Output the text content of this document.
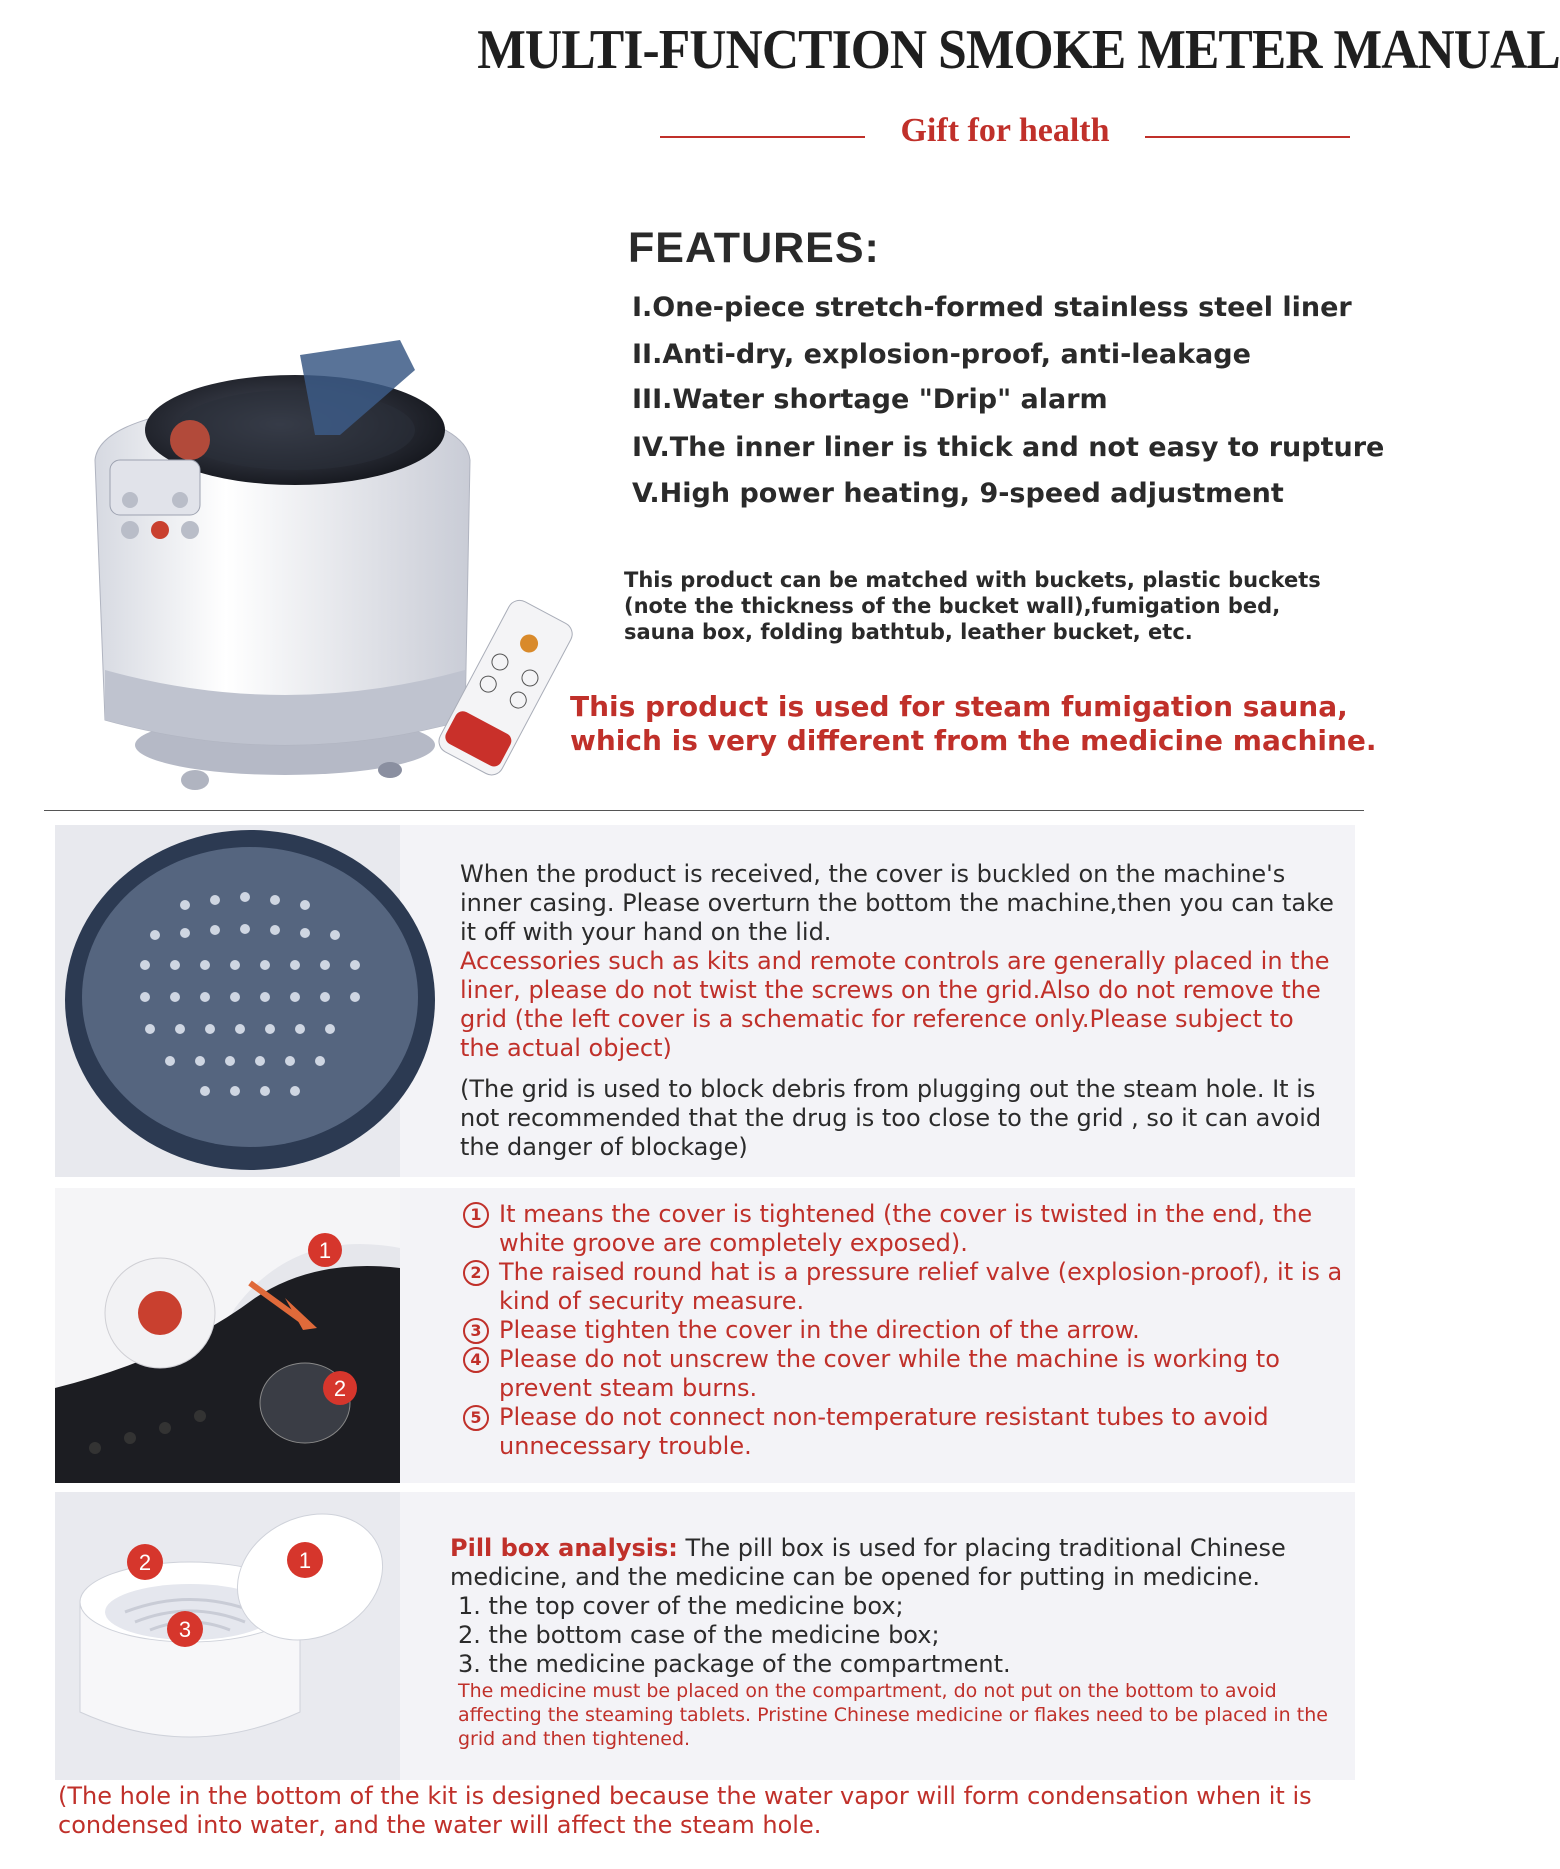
MULTI-FUNCTION SMOKE METER MANUAL
Gift for health
FEATURES:
I.One-piece stretch-formed stainless steel liner
II.Anti-dry, explosion-proof, anti-leakage
III.Water shortage "Drip" alarm
IV.The inner liner is thick and not easy to rupture
V.High power heating, 9-speed adjustment
This product can be matched with buckets, plastic buckets (note the thickness of the bucket wall),fumigation bed, sauna box, folding bathtub, leather bucket, etc.
This product is used for steam fumigation sauna, which is very different from the medicine machine.
When the product is received, the cover is buckled on the machine's inner casing. Please overturn the bottom the machine,then you can take it off with your hand on the lid.
Accessories such as kits and remote controls are generally placed in the liner, please do not twist the screws on the grid.Also do not remove the grid (the left cover is a schematic for reference only.Please subject to the actual object)
(The grid is used to block debris from plugging out the steam hole. It is not recommended that the drug is too close to the grid , so it can avoid the danger of blockage)
1
2
1 It means the cover is tightened (the cover is twisted in the end, the white groove are completely exposed).
2 The raised round hat is a pressure relief valve (explosion-proof), it is a kind of security measure.
3 Please tighten the cover in the direction of the arrow.
4 Please do not unscrew the cover while the machine is working to prevent steam burns.
5 Please do not connect non-temperature resistant tubes to avoid unnecessary trouble.
2	1
3
Pill box analysis: The pill box is used for placing traditional Chinese medicine, and the medicine can be opened for putting in medicine.
1. the top cover of the medicine box;
2. the bottom case of the medicine box;
3. the medicine package of the compartment.
The medicine must be placed on the compartment, do not put on the bottom to avoid affecting the steaming tablets. Pristine Chinese medicine or flakes need to be placed in the grid and then tightened.
(The hole in the bottom of the kit is designed because the water vapor will form condensation when it is condensed into water, and the water will affect the steam hole.
